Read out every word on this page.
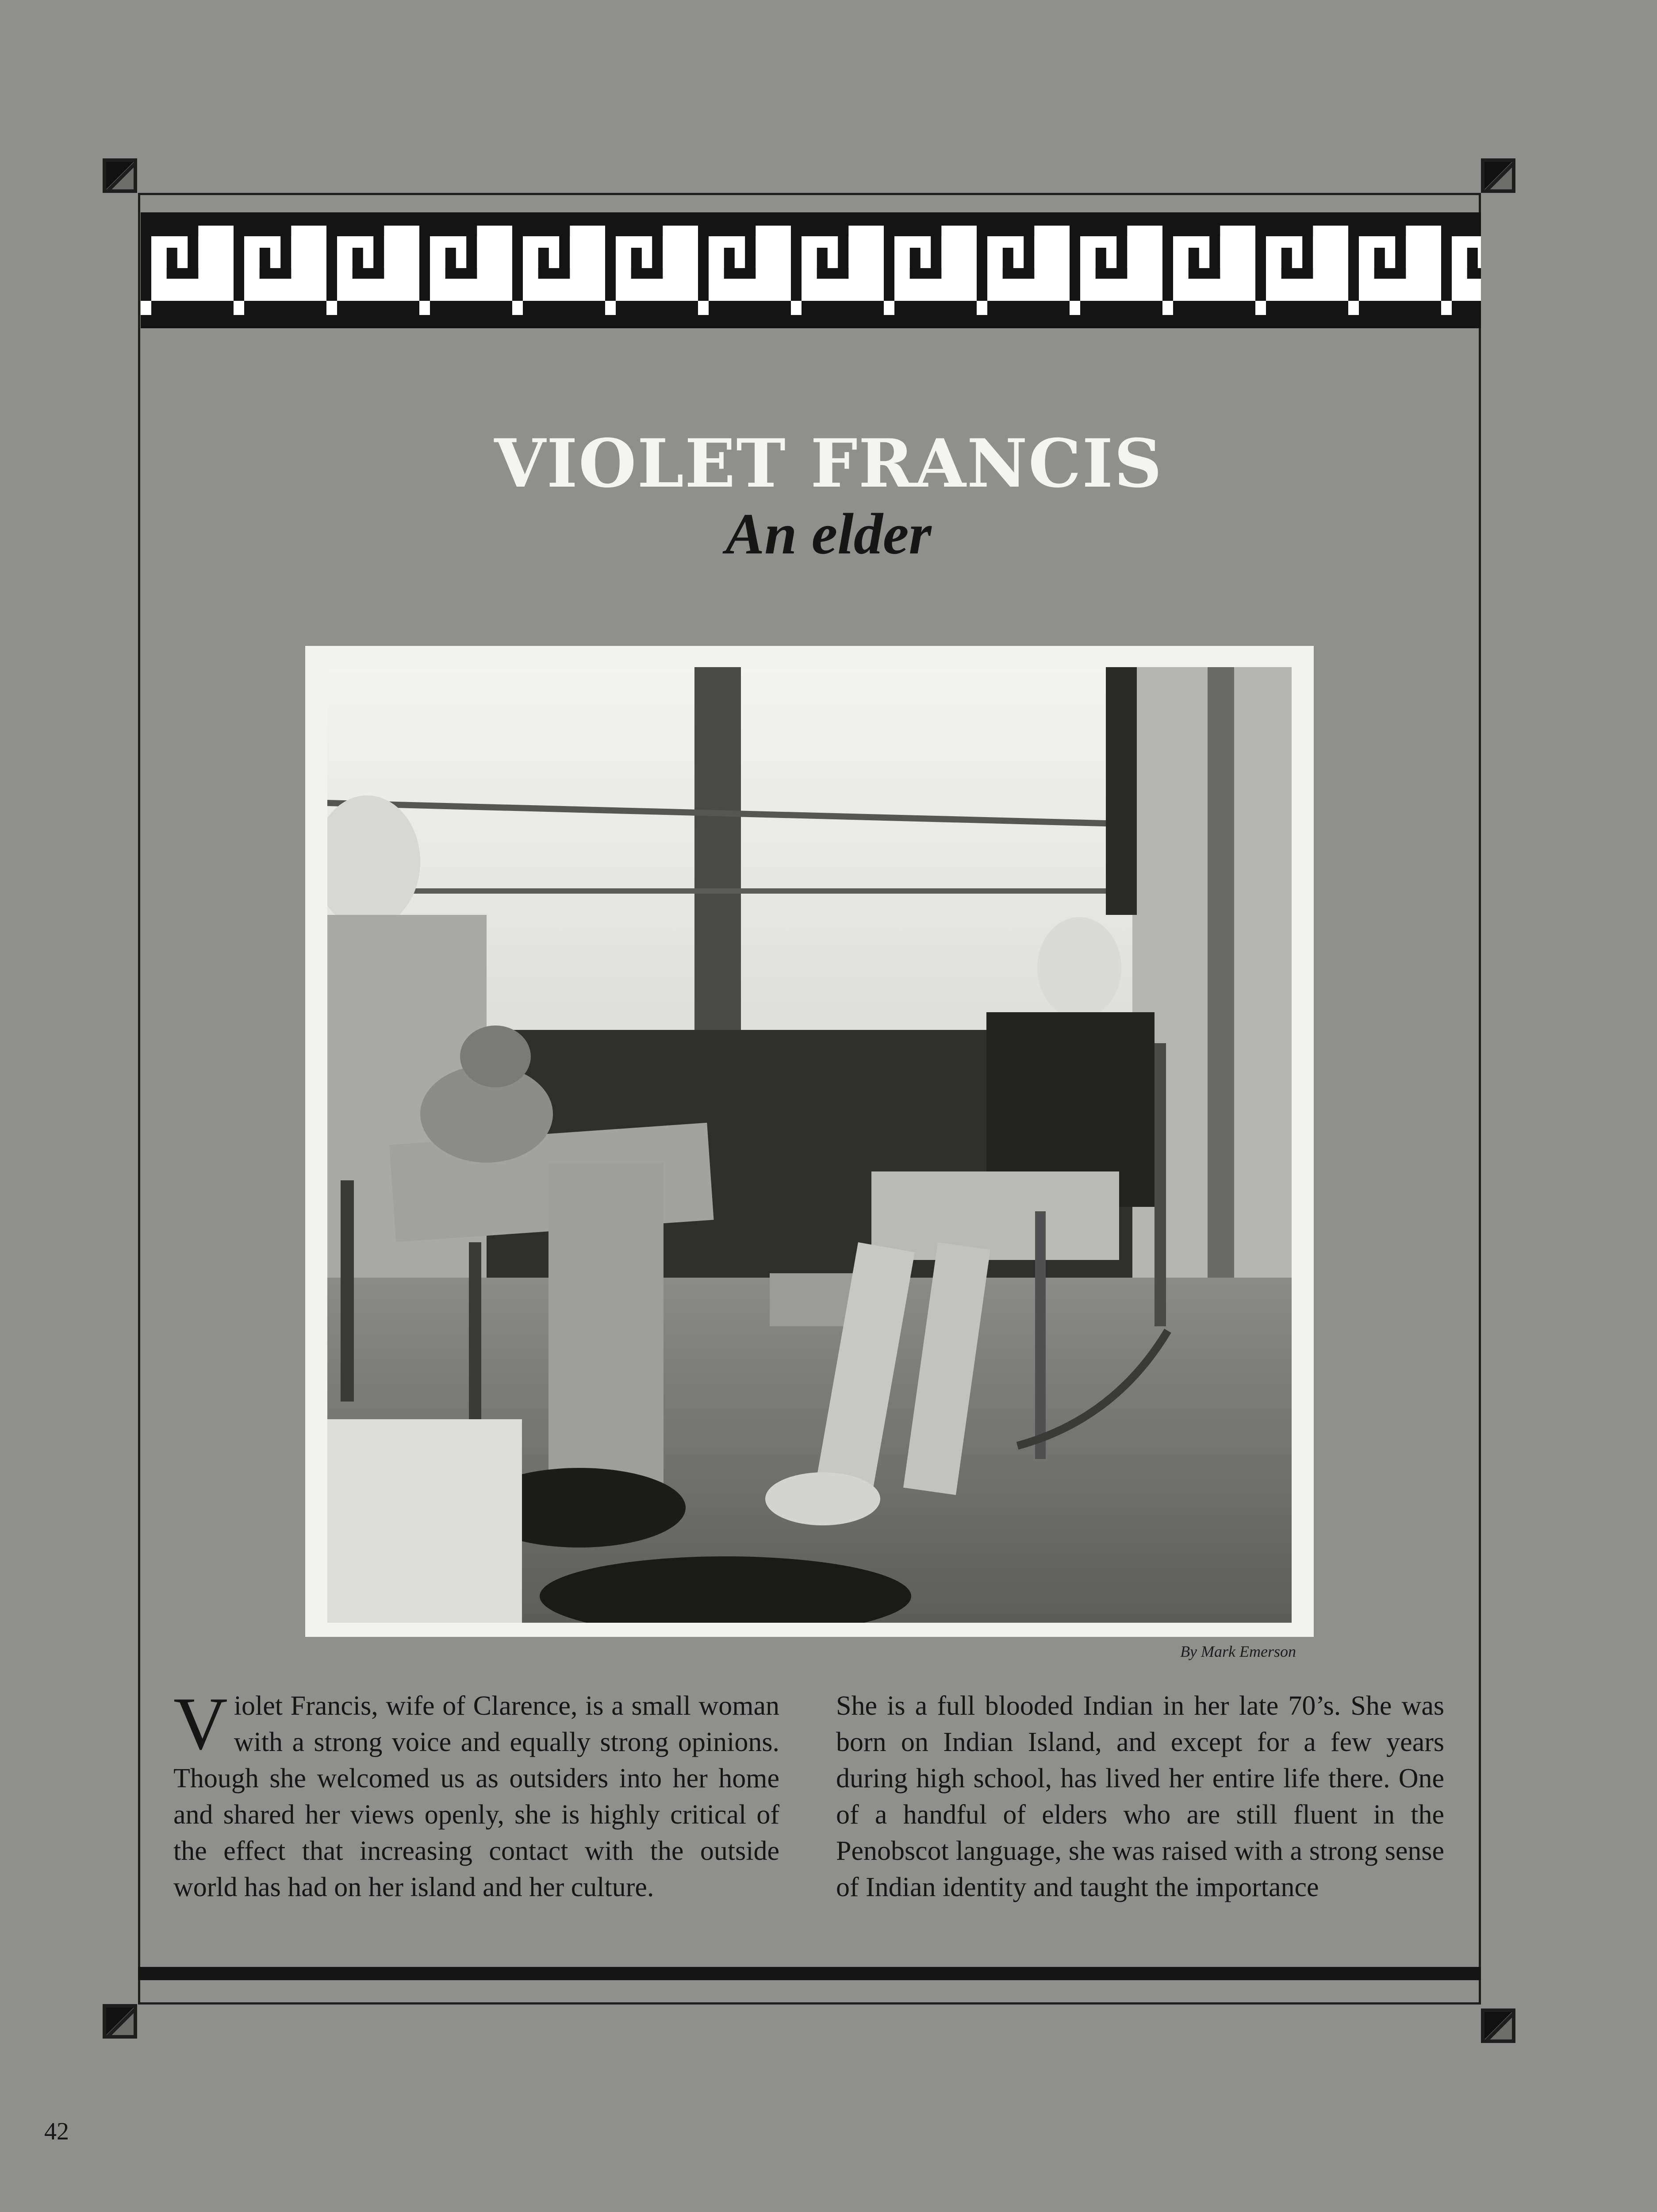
VIOLET FRANCIS
An elder
By Mark Emerson

Violet Francis, wife of Clarence, is a small woman with a strong voice and equally strong opinions. Though she welcomed us as outsiders into her home and shared her views openly, she is highly critical of the effect that increasing contact with the outside world has had on her island and her culture.

She is a full blooded Indian in her late 70’s. She was born on Indian Island, and except for a few years during high school, has lived her entire life there. One of a handful of elders who are still fluent in the Penobscot language, she was raised with a strong sense of Indian identity and taught the importance

42
